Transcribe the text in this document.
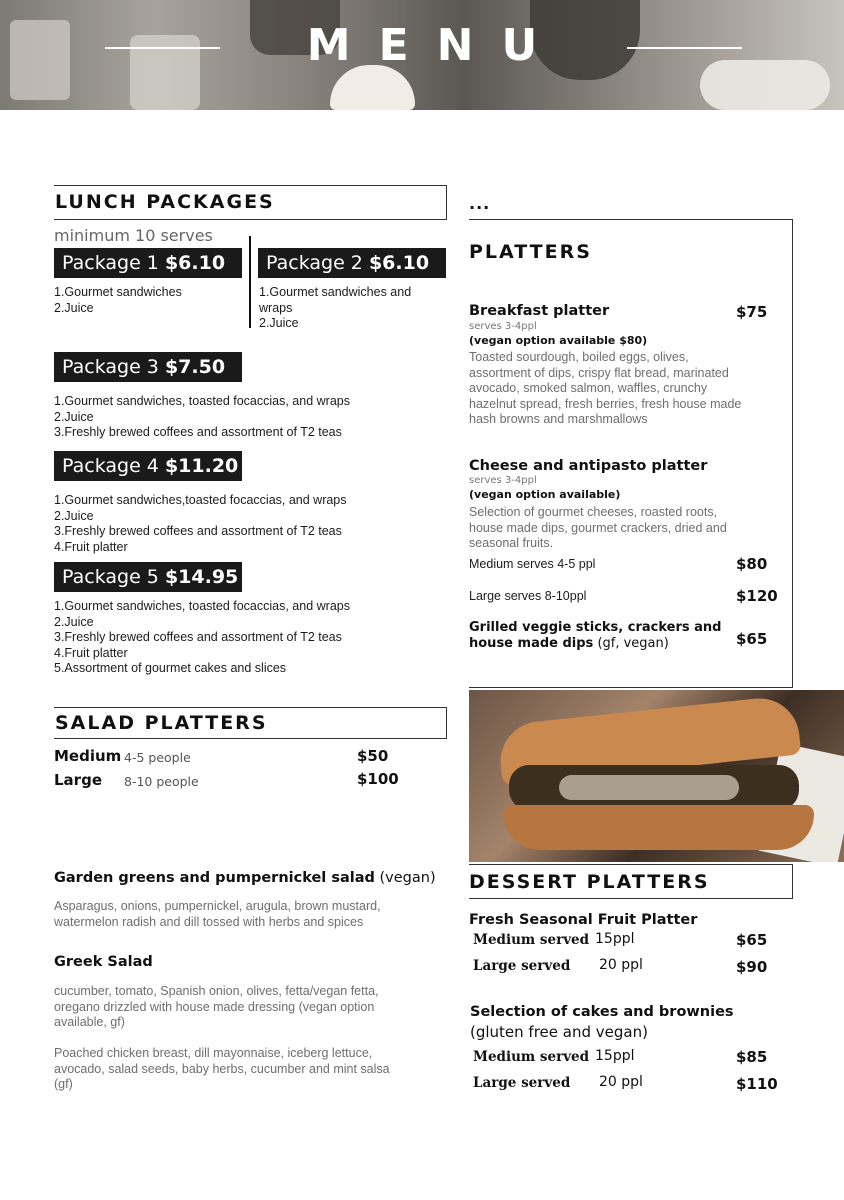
MENU
LUNCH PACKAGES
minimum 10 serves
Package 1 $6.10
1.Gourmet sandwiches
2.Juice
Package 2 $6.10
1.Gourmet sandwiches and
wraps
2.Juice
Package 3 $7.50
1.Gourmet sandwiches, toasted focaccias, and wraps
2.Juice
3.Freshly brewed coffees and assortment of T2 teas
Package 4 $11.20
1.Gourmet sandwiches,toasted focaccias, and wraps
2.Juice
3.Freshly brewed coffees and assortment of T2 teas
4.Fruit platter
Package 5 $14.95
1.Gourmet sandwiches, toasted focaccias, and wraps
2.Juice
3.Freshly brewed coffees and assortment of T2 teas
4.Fruit platter
5.Assortment of gourmet cakes and slices
SALAD PLATTERS
Medium 4-5 people	$50
Large 8-10 people	$100
Garden greens and pumpernickel salad (vegan)
Asparagus, onions, pumpernickel, arugula, brown mustard,
watermelon radish and dill tossed with herbs and spices
Greek Salad
cucumber, tomato, Spanish onion, olives, fetta/vegan fetta,
oregano drizzled with house made dressing (vegan option
available, gf)
Poached chicken breast, dill mayonnaise, iceberg lettuce,
avocado, salad seeds, baby herbs, cucumber and mint salsa
(gf)
...
PLATTERS
Breakfast platter	$75
serves 3-4ppl
(vegan option available $80)
Toasted sourdough, boiled eggs, olives,
assortment of dips, crispy flat bread, marinated
avocado, smoked salmon, waffles, crunchy
hazelnut spread, fresh berries, fresh house made
hash browns and marshmallows
Cheese and antipasto platter
serves 3-4ppl
(vegan option available)
Selection of gourmet cheeses, roasted roots,
house made dips, gourmet crackers, dried and
seasonal fruits.
Medium serves 4-5 ppl	$80
Large serves 8-10ppl	$120
Grilled veggie sticks, crackers and
house made dips (gf, vegan)	$65
DESSERT PLATTERS
Fresh Seasonal Fruit Platter
Medium served 15ppl	$65
Large served 20 ppl	$90
Selection of cakes and brownies
(gluten free and vegan)
Medium served 15ppl	$85
Large served 20 ppl	$110
